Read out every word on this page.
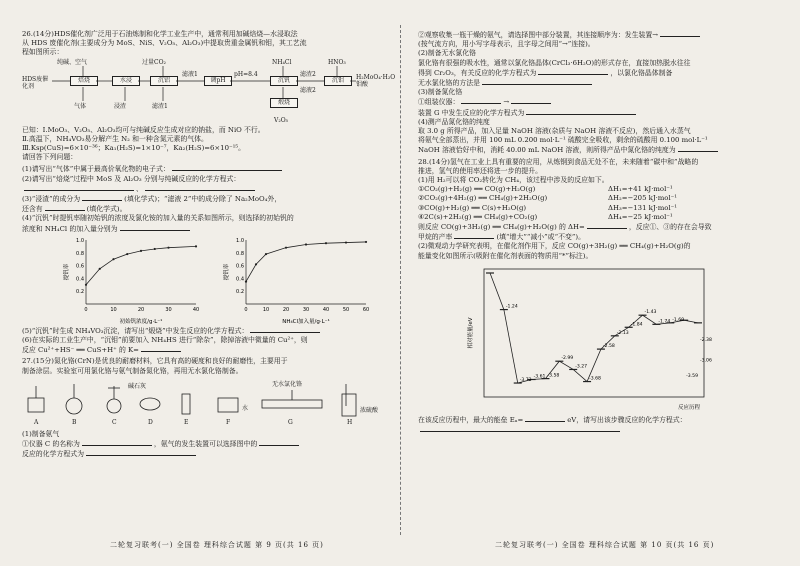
26.(14分)HDS催化剂广泛用于石油炼制和化学工业生产中，通常利用加碱焙烧—水浸取法
从 HDS 废催化剂(主要成分为 MoS、NiS、V₂O₅、Al₂O₃)中提取贵重金属钒和钼，其工艺流
程如图所示：
HDS废催化剂
纯碱、空气
焙烧
气体
水浸
浸渣
过量CO₂
沉铝
滤渣1
滤液1
调pH
pH=8.4
NH₄Cl
沉钒
滤渣2
煅烧
V₂O₅
HNO₃
沉钼
滤液2
H₂MoO₄·H₂O 钼酸
已知：Ⅰ.MoO₃、V₂O₅、Al₂O₃均可与纯碱反应生成对应的钠盐，而 NiO 不行。
Ⅱ.高温下，NH₄VO₃易分解产生 N₂ 和一种含氮元素的气体。
Ⅲ.Ksp(CuS)=6×10⁻³⁶；Ka₁(H₂S)=1×10⁻⁷，Ka₂(H₂S)=6×10⁻¹⁵。
请回答下列问题：
(1)请写出“气体”中属于最高价氧化物的电子式：
(2)请写出“焙烧”过程中 MoS 及 Al₂O₃ 分别与纯碱反应的化学方程式：
、
(3)“浸渣”的成分为	(填化学式)；“滤液 2”中的成分除了 Na₂MoO₄外，
还含有	(填化学式)。
(4)“沉钒”时提钒率随初始钒的浓度及氯化铵的加入量的关系如图所示，则选择的初始钒的
浓度和 NH₄Cl 的加入量分别为
0	10	20	30	40
0.2
0.4
0.6
0.8
1.0
初始钒浓度/g·L⁻¹
提钒率
0	10	20	30	40	50	60
0.2
0.4
0.6
0.8
1.0
NH₄Cl加入量/g·L⁻¹
提钒率
(5)“沉钒”时生成 NH₄VO₃沉淀，请写出“煅烧”中发生反应的化学方程式：
(6)在实际的工业生产中，“沉钼”前要加入 NH₄HS 进行“除杂”，除掉溶液中微量的 Cu²⁺，则
反应 Cu²⁺+HS⁻ ══ CuS+H⁺ 的 K=
27.(15分)氮化铬(CrN)是优良的耐磨材料，它具有高的硬度和良好的耐磨性，主要用于
制备涂层。实验室可用氯化铬与氨气制备氮化铬，再用无水氯化铬制备。
A	B	C	D	E	F	G	H
碱石灰	无水氯化铬
浓硫酸
水
(1)制备氨气
①仪器 C 的名称为	，氨气的发生装置可以选择图中的
反应的化学方程式为
②观察收集一瓶干燥的氨气，请选择图中部分装置，其连接顺序为：发生装置→
(按气流方向，用小写字母表示，且字母之间用“→”连接)。
(2)制备无水氯化铬
氯化铬有很强的吸水性，通常以氯化铬晶体(CrCl₃·6H₂O)的形式存在，直接加热脱水往往
得到 Cr₂O₃，有关反应的化学方程式为	，以氯化铬晶体制备
无水氯化铬的方法是
(3)制备氮化铬
①组装仪器：	→
装置 G 中发生反应的化学方程式为
(4)测产品氮化铬的纯度
取 3.0 g 所得产品，加入足量 NaOH 溶液(杂质与 NaOH 溶液不反应)，然后通入水蒸气
将氨气全部蒸出，并用 100 mL 0.200 mol·L⁻¹ 硫酸完全吸收，剩余的硫酸用 0.100 mol·L⁻¹
NaOH 溶液恰好中和，消耗 40.00 mL NaOH 溶液，则所得产品中氮化铬的纯度为
28.(14分)氢气在工业上具有重要的应用，从炼钢到食品无处不在，未来随着“碳中和”战略的
推进，氢气的使用率还将进一步的提升。
(1)用 H₂可以将 CO₂转化为 CH₄，该过程中涉及的反应如下。
①CO₂(g)+H₂(g) ══ CO(g)+H₂O(g)	ΔH₁=+41 kJ·mol⁻¹
②CO₂(g)+4H₂(g) ══ CH₄(g)+2H₂O(g)	ΔH₂=−205 kJ·mol⁻¹
③CO(g)+H₂(g) ══ C(s)+H₂O(g)	ΔH₃=−131 kJ·mol⁻¹
④2C(s)+2H₂(g) ══ CH₄(g)+CO₂(g)	ΔH₄=−25 kJ·mol⁻¹
则反应 CO(g)+3H₂(g) ══ CH₄(g)+H₂O(g) 的 ΔH=	，反应①、③的存在会导致
甲烷的产率	(填“增大”“减小”或“不变”)。
(2)微观动力学研究表明，在催化剂作用下，反应 CO(g)+3H₂(g) ══ CH₄(g)+H₂O(g)的
能量变化如图所示(吸附在催化剂表面的物质用“*”标注)。
-1.24
-3.73
-3.61 -3.58
-2.99
-3.27
-3.68
-2.58
-2.13
-1.84
-1.43
-1.74 -1.69
-3.59
-3.06
-2.38
相对能量/eV
反应历程
在该反应历程中，最大的能垒 Eₐ=	eV，请写出该步骤反应的化学方程式：
二轮复习联考(一) 全国卷 理科综合试题 第 9 页(共 16 页)	二轮复习联考(一) 全国卷 理科综合试题 第 10 页(共 16 页)
